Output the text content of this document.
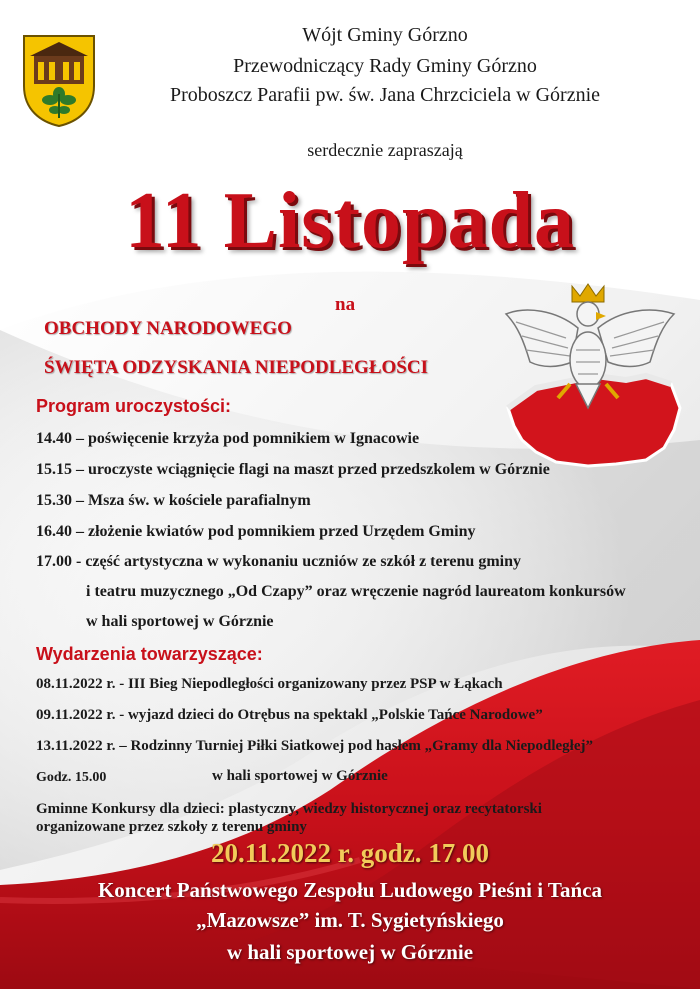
Wójt Gminy Górzno
Przewodniczący Rady Gminy Górzno
Proboszcz Parafii pw. św. Jana Chrzciciela w Górznie
serdecznie zapraszają
11 Listopada
na
OBCHODY NARODOWEGO
ŚWIĘTA ODZYSKANIA NIEPODLEGŁOŚCI
Program uroczystości:
14.40 – poświęcenie krzyża pod pomnikiem w Ignacowie
15.15 – uroczyste wciągnięcie flagi na maszt przed przedszkolem w Górznie
15.30 – Msza św. w kościele parafialnym
16.40 – złożenie kwiatów pod pomnikiem przed Urzędem Gminy
17.00 - część artystyczna w wykonaniu uczniów ze szkół z terenu gminy
i teatru muzycznego „Od Czapy” oraz wręczenie nagród laureatom konkursów
w hali sportowej w Górznie
Wydarzenia towarzyszące:
08.11.2022 r. - III Bieg Niepodległości organizowany przez PSP w Łąkach
09.11.2022 r. - wyjazd dzieci do Otrębus na spektakl „Polskie Tańce Narodowe”
13.11.2022 r. – Rodzinny Turniej Piłki Siatkowej pod hasłem „Gramy dla Niepodległej”
Godz. 15.00	w hali sportowej w Górznie
Gminne Konkursy dla dzieci: plastyczny, wiedzy historycznej oraz recytatorski
organizowane przez szkoły z terenu gminy
20.11.2022 r. godz. 17.00
Koncert Państwowego Zespołu Ludowego Pieśni i Tańca
„Mazowsze” im. T. Sygietyńskiego
w hali sportowej w Górznie
